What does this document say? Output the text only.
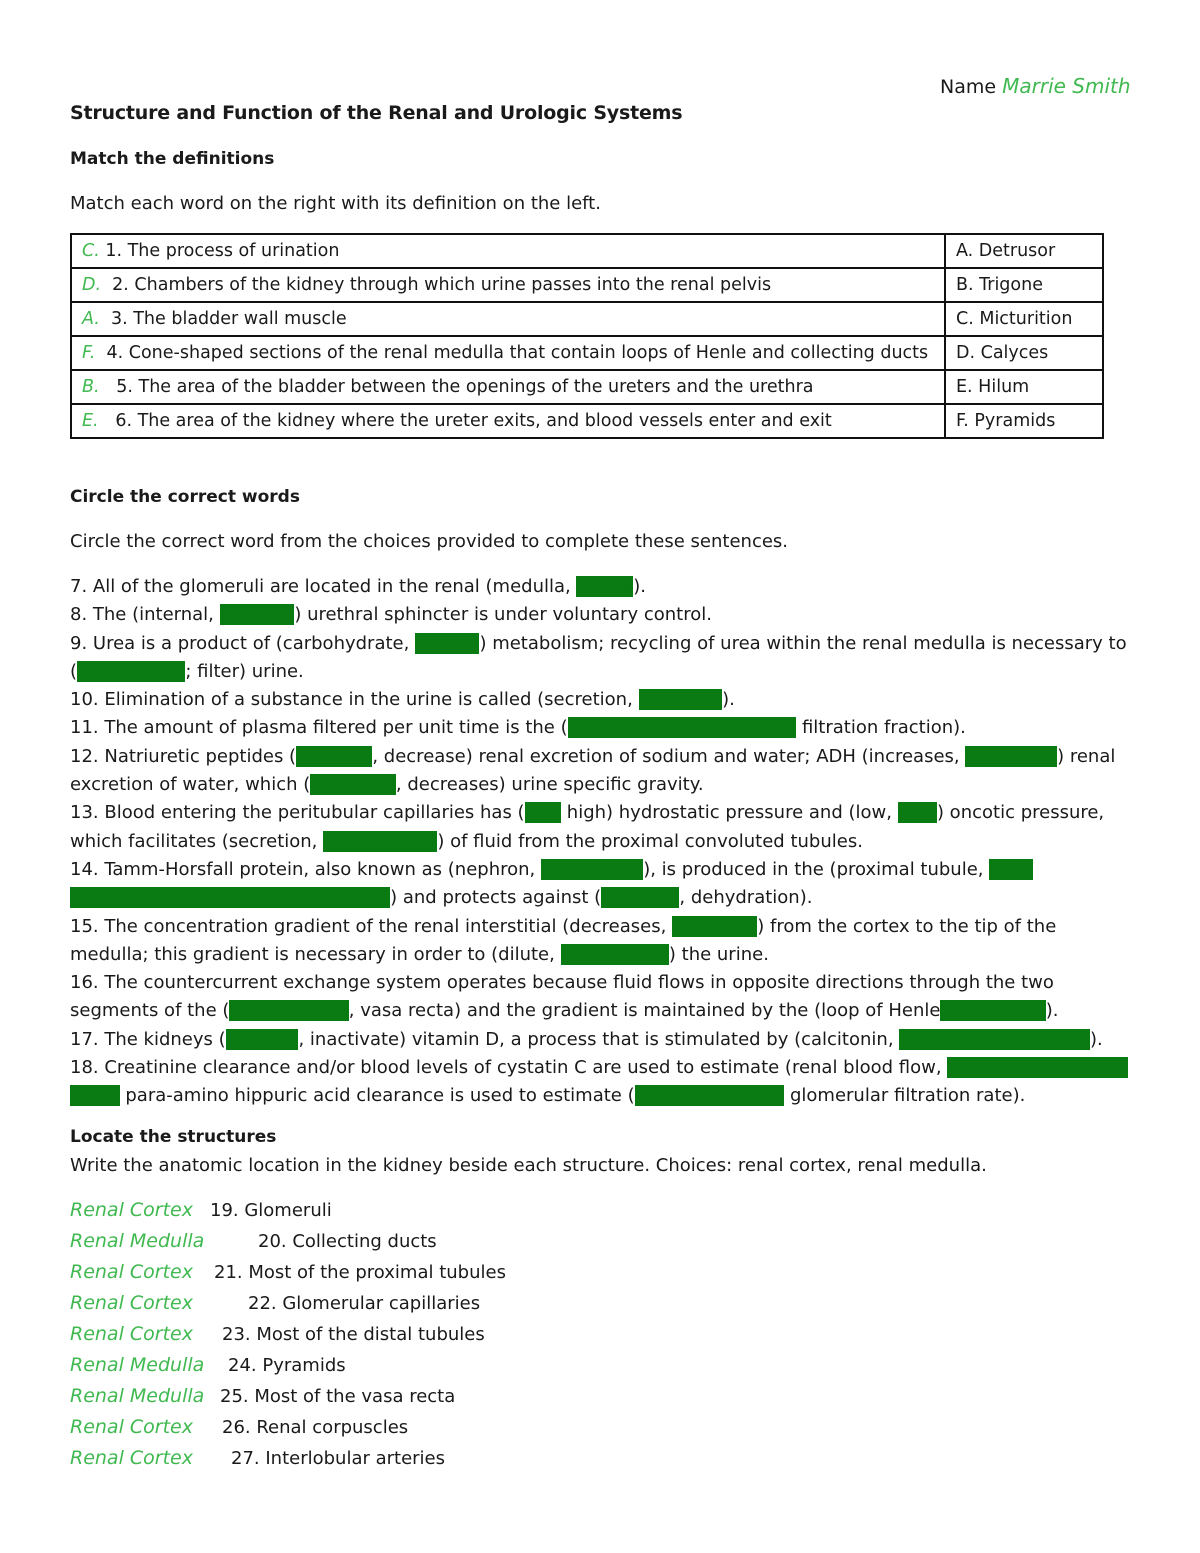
Name Marrie Smith
Structure and Function of the Renal and Urologic Systems
Match the definitions
Match each word on the right with its definition on the left.
C. 1. The process of urination	A. Detrusor
D.  2. Chambers of the kidney through which urine passes into the renal pelvis	B. Trigone
A.  3. The bladder wall muscle	C. Micturition
F.  4. Cone-shaped sections of the renal medulla that contain loops of Henle and collecting ducts	D. Calyces
B.   5. The area of the bladder between the openings of the ureters and the urethra	E. Hilum
E.   6. The area of the kidney where the ureter exits, and blood vessels enter and exit	F. Pyramids
Circle the correct words
Circle the correct word from the choices provided to complete these sentences.
7. All of the glomeruli are located in the renal (medulla, cortex).
8. The (internal, external) urethral sphincter is under voluntary control.
9. Urea is a product of (carbohydrate, protein) metabolism; recycling of urea within the renal medulla is necessary to (concentrate; filter) urine.
10. Elimination of a substance in the urine is called (secretion, excretion).
11. The amount of plasma filtered per unit time is the (glomerular filtration rate, filtration fraction).
12. Natriuretic peptides (increase, decrease) renal excretion of sodium and water; ADH (increases, decreases) renal excretion of water, which (increases, decreases) urine specific gravity.
13. Blood entering the peritubular capillaries has (low, high) hydrostatic pressure and (low, high) oncotic pressure, which facilitates (secretion, reabsorption) of fluid from the proximal convoluted tubules.
14. Tamm-Horsfall protein, also known as (nephron, uromodulin), is produced in the (proximal tubule, thick ascending limb of the loop of Henle) and protects against (infection, dehydration).
15. The concentration gradient of the renal interstitial (decreases, increases) from the cortex to the tip of the medulla; this gradient is necessary in order to (dilute, concentrate) the urine.
16. The countercurrent exchange system operates because fluid flows in opposite directions through the two segments of the (loop of Henle, vasa recta) and the gradient is maintained by the (loop of Henle, vasa recta).
17. The kidneys (activate, inactivate) vitamin D, a process that is stimulated by (calcitonin, parathyroid hormone).
18. Creatinine clearance and/or blood levels of cystatin C are used to estimate (renal blood flow, glomerular filtration rate); para-amino hippuric acid clearance is used to estimate (renal blood flow, glomerular filtration rate).
Locate the structures
Write the anatomic location in the kidney beside each structure. Choices: renal cortex, renal medulla.
Renal Cortex 19. Glomeruli
Renal Medulla	20. Collecting ducts
Renal Cortex 21. Most of the proximal tubules
Renal Cortex	22. Glomerular capillaries
Renal Cortex 23. Most of the distal tubules
Renal Medulla 24. Pyramids
Renal Medulla 25. Most of the vasa recta
Renal Cortex 26. Renal corpuscles
Renal Cortex 27. Interlobular arteries
